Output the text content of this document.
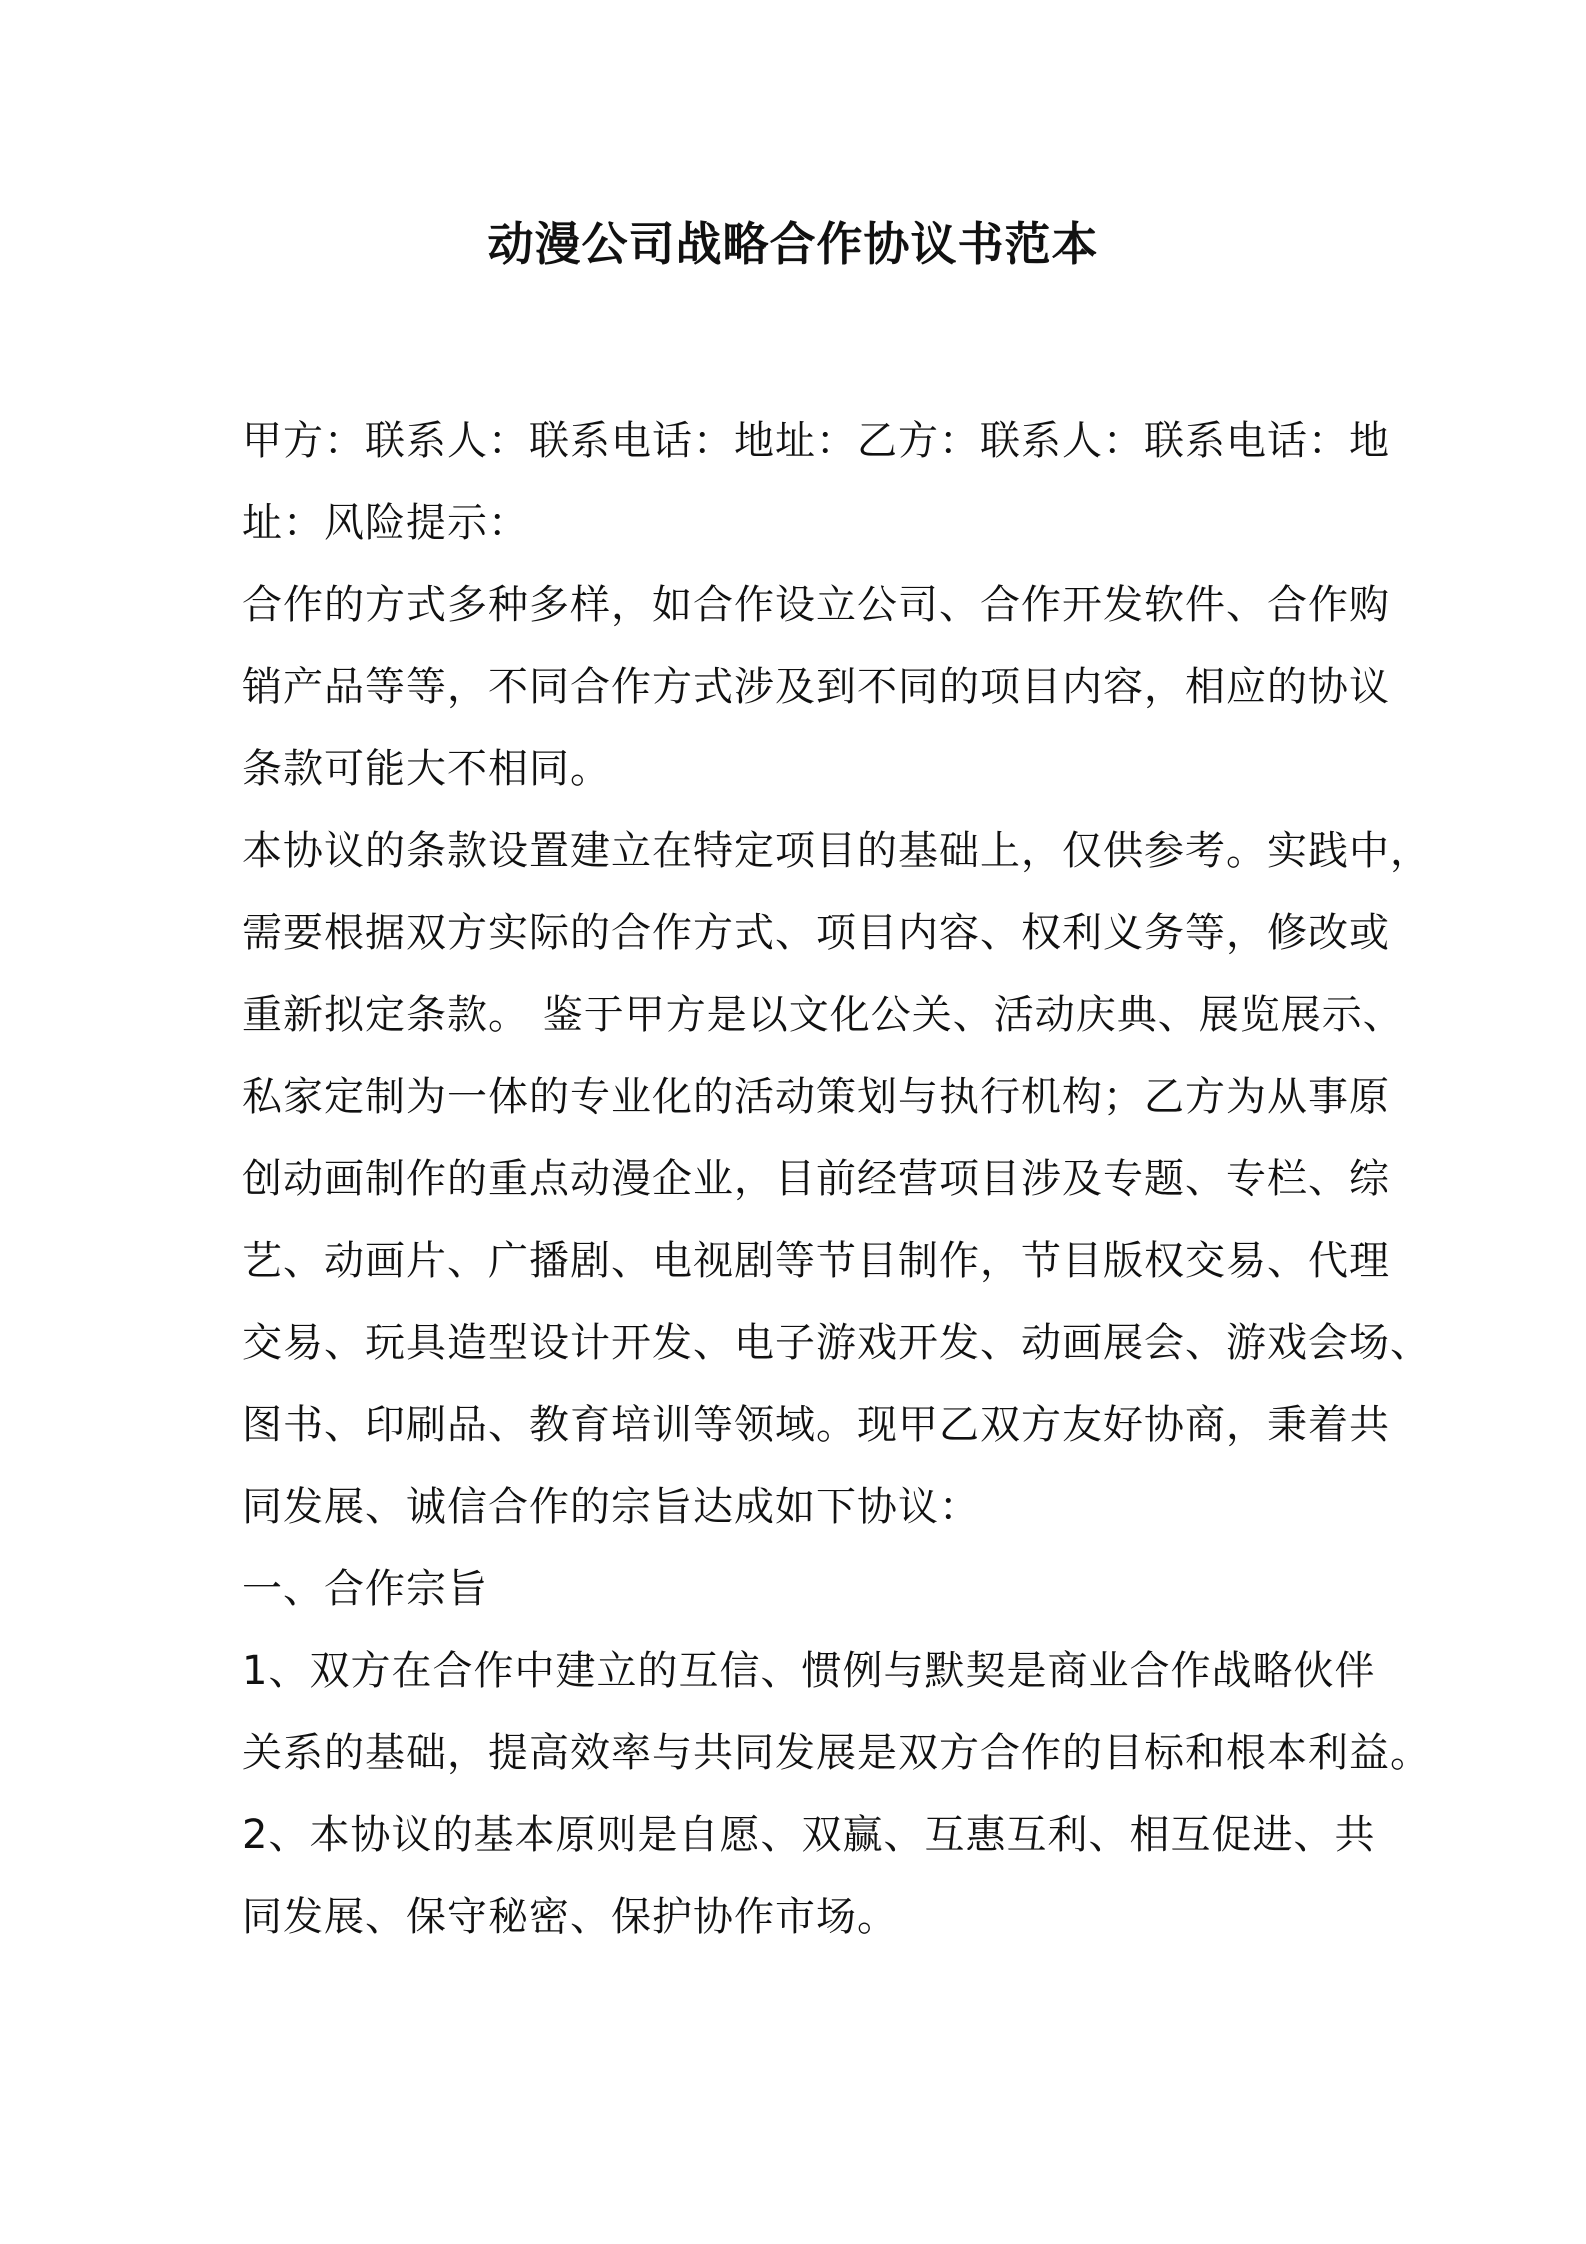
动漫公司战略合作协议书范本
甲方：联系人：联系电话：地址：乙方：联系人：联系电话：地
址：风险提示：
合作的方式多种多样，如合作设立公司、合作开发软件、合作购
销产品等等，不同合作方式涉及到不同的项目内容，相应的协议
条款可能大不相同。
本协议的条款设置建立在特定项目的基础上，仅供参考。实践中，
需要根据双方实际的合作方式、项目内容、权利义务等，修改或
重新拟定条款。 鉴于甲方是以文化公关、活动庆典、展览展示、
私家定制为一体的专业化的活动策划与执行机构；乙方为从事原
创动画制作的重点动漫企业，目前经营项目涉及专题、专栏、综
艺、动画片、广播剧、电视剧等节目制作，节目版权交易、代理
交易、玩具造型设计开发、电子游戏开发、动画展会、游戏会场、
图书、印刷品、教育培训等领域。现甲乙双方友好协商，秉着共
同发展、诚信合作的宗旨达成如下协议：
一、合作宗旨
1、双方在合作中建立的互信、惯例与默契是商业合作战略伙伴
关系的基础，提高效率与共同发展是双方合作的目标和根本利益。
2、本协议的基本原则是自愿、双赢、互惠互利、相互促进、共
同发展、保守秘密、保护协作市场。
